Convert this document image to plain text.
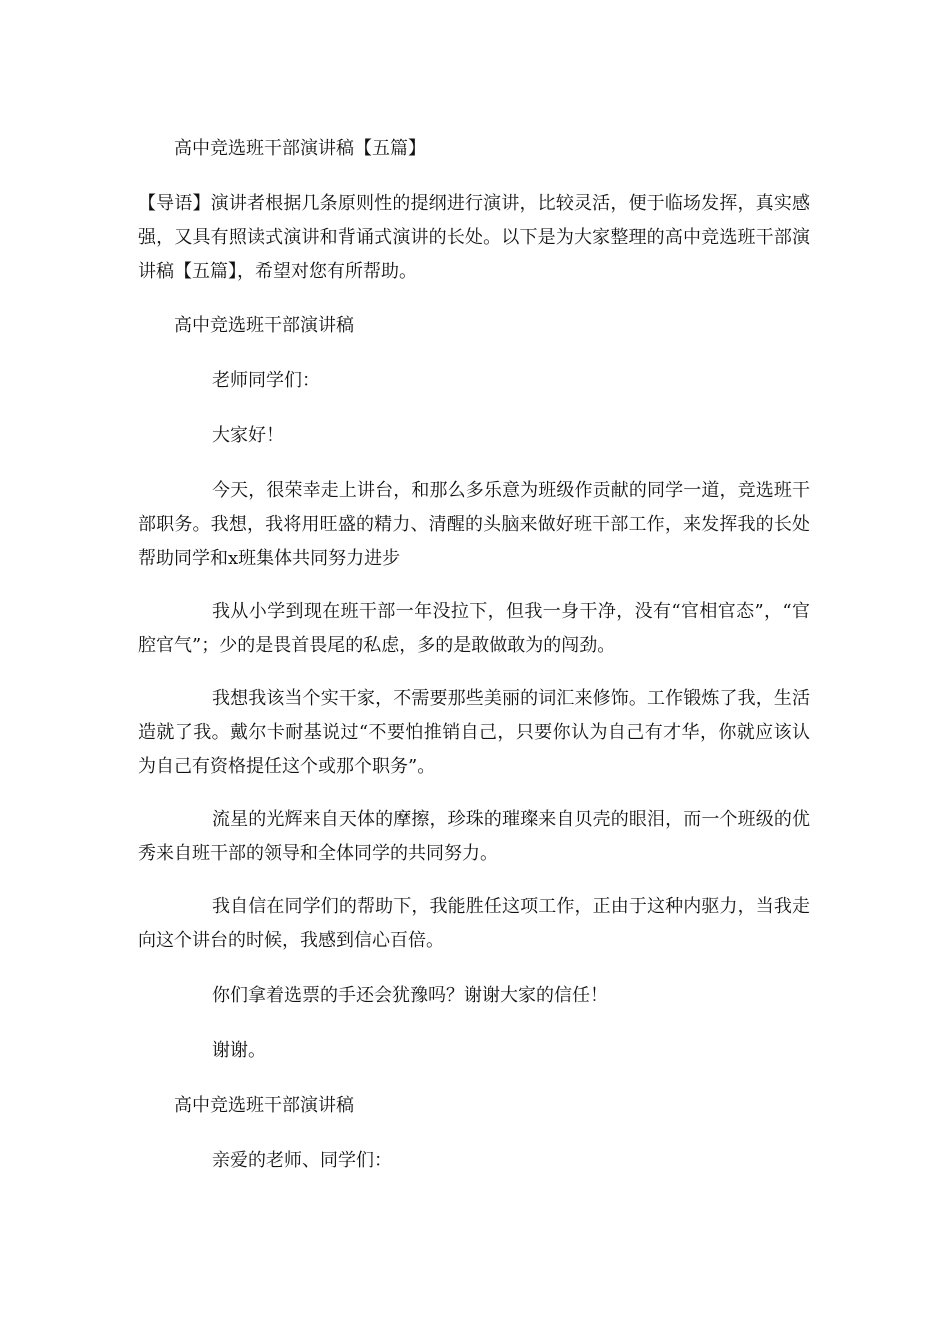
高中竞选班干部演讲稿【五篇】

【导语】演讲者根据几条原则性的提纲进行演讲，比较灵活，便于临场发挥，真实感强，又具有照读式演讲和背诵式演讲的长处。以下是为大家整理的高中竞选班干部演讲稿【五篇】，希望对您有所帮助。

高中竞选班干部演讲稿

老师同学们：

大家好！

今天，很荣幸走上讲台，和那么多乐意为班级作贡献的同学一道，竞选班干部职务。我想，我将用旺盛的精力、清醒的头脑来做好班干部工作，来发挥我的长处帮助同学和x班集体共同努力进步

我从小学到现在班干部一年没拉下，但我一身干净，没有“官相官态”，“官腔官气”；少的是畏首畏尾的私虑，多的是敢做敢为的闯劲。

我想我该当个实干家，不需要那些美丽的词汇来修饰。工作锻炼了我，生活造就了我。戴尔卡耐基说过“不要怕推销自己，只要你认为自己有才华，你就应该认为自己有资格提任这个或那个职务”。

流星的光辉来自天体的摩擦，珍珠的璀璨来自贝壳的眼泪，而一个班级的优秀来自班干部的领导和全体同学的共同努力。

我自信在同学们的帮助下，我能胜任这项工作，正由于这种内驱力，当我走向这个讲台的时候，我感到信心百倍。

你们拿着选票的手还会犹豫吗？谢谢大家的信任！

谢谢。

高中竞选班干部演讲稿

亲爱的老师、同学们：
